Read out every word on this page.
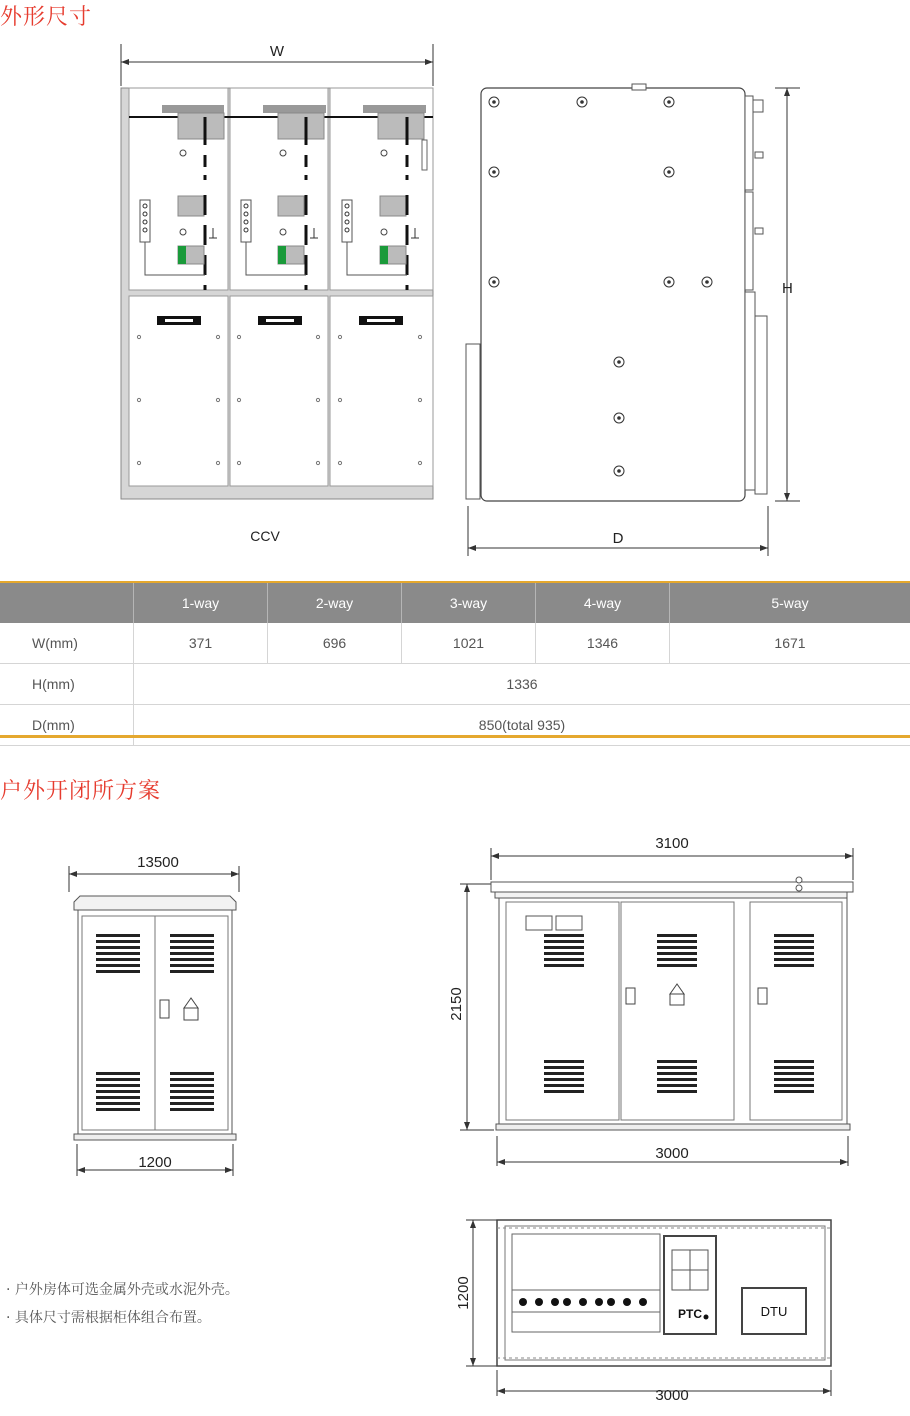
外形尺寸
W
CCV
H
D
	1-way	2-way	3-way	4-way	5-way
W(mm)	371	696	1021	1346	1671
H(mm)	1336				
D(mm)	850(total 935)				
户外开闭所方案
13500
1200
3100
2150
3000
1200
PTC	DTU
3000
· 户外房体可选金属外壳或水泥外壳。
· 具体尺寸需根据柜体组合布置。
